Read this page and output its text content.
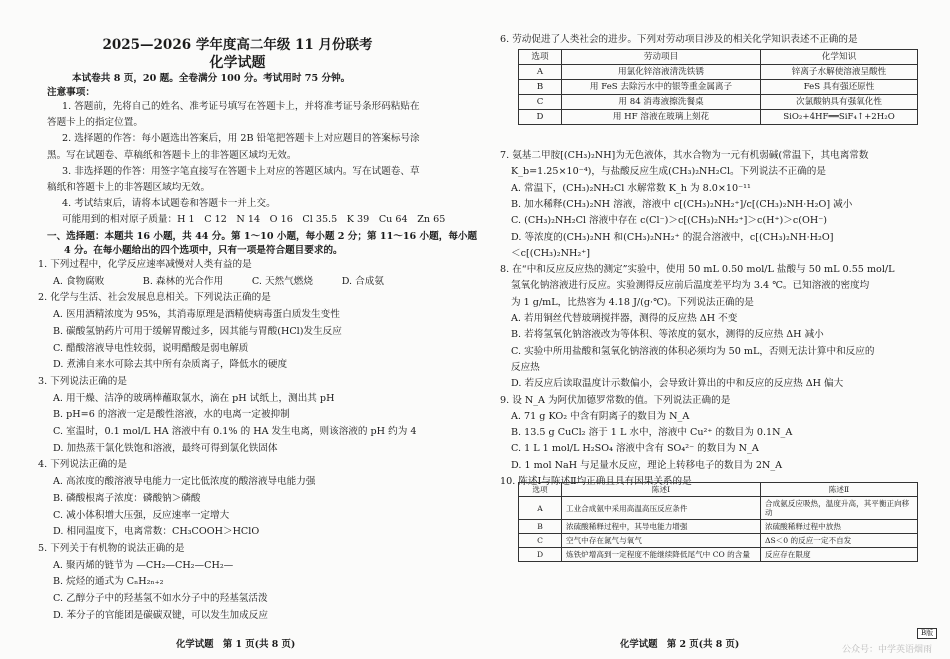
2025—2026 学年度高二年级 11 月份联考
化学试题
本试卷共 8 页，20 题。全卷满分 100 分。考试用时 75 分钟。
注意事项：
1. 答题前，先将自己的姓名、准考证号填写在答题卡上，并将准考证号条形码粘贴在
答题卡上的指定位置。
2. 选择题的作答：每小题选出答案后，用 2B 铅笔把答题卡上对应题目的答案标号涂
黑。写在试题卷、草稿纸和答题卡上的非答题区域均无效。
3. 非选择题的作答：用签字笔直接写在答题卡上对应的答题区域内。写在试题卷、草
稿纸和答题卡上的非答题区域均无效。
4. 考试结束后，请将本试题卷和答题卡一并上交。
可能用到的相对原子质量：H 1　C 12　N 14　O 16　Cl 35.5　K 39　Cu 64　Zn 65
一、选择题：本题共 16 小题，共 44 分。第 1～10 小题，每小题 2 分；第 11～16 小题，每小题
4 分。在每小题给出的四个选项中，只有一项是符合题目要求的。
1. 下列过程中，化学反应速率减慢对人类有益的是
A. 食物腐败　　　　B. 森林的光合作用　　　C. 天然气燃烧　　　D. 合成氨
2. 化学与生活、社会发展息息相关。下列说法正确的是
A. 医用酒精浓度为 95%，其消毒原理是酒精使病毒蛋白质发生变性
B. 碳酸氢钠药片可用于缓解胃酸过多，因其能与胃酸(HCl)发生反应
C. 醋酸溶液导电性较弱，说明醋酸是弱电解质
D. 煮沸自来水可除去其中所有杂质离子，降低水的硬度
3. 下列说法正确的是
A. 用干燥、洁净的玻璃棒蘸取氯水，滴在 pH 试纸上，测出其 pH
B. pH=6 的溶液一定是酸性溶液，水的电离一定被抑制
C. 室温时，0.1 mol/L HA 溶液中有 0.1% 的 HA 发生电离，则该溶液的 pH 约为 4
D. 加热蒸干氯化铁饱和溶液，最终可得到氯化铁固体
4. 下列说法正确的是
A. 高浓度的酸溶液导电能力一定比低浓度的酸溶液导电能力强
B. 磷酸根离子浓度：磷酸钠＞磷酸
C. 减小体积增大压强，反应速率一定增大
D. 相同温度下，电离常数：CH₃COOH＞HClO
5. 下列关于有机物的说法正确的是
A. 聚丙烯的链节为 —CH₂—CH₂—CH₂—
B. 烷烃的通式为 CₙH₂ₙ₊₂
C. 乙醇分子中的羟基氢不如水分子中的羟基氢活泼
D. 苯分子的官能团是碳碳双键，可以发生加成反应
化学试题　第 1 页(共 8 页)
6. 劳动促进了人类社会的进步。下列对劳动项目涉及的相关化学知识表述不正确的是
选项	劳动项目	化学知识
A	用氯化锌溶液清洗铁锈	锌离子水解使溶液呈酸性
B	用 FeS 去除污水中的银等重金属离子	FeS 具有强还原性
C	用 84 消毒液擦洗餐桌	次氯酸钠具有强氧化性
D	用 HF 溶液在玻璃上刻花	SiO₂+4HF══SiF₄↑+2H₂O
7. 氨基二甲胺[(CH₃)₂NH]为无色液体，其水合物为一元有机弱碱(常温下，其电离常数
K_b=1.25×10⁻⁴)，与盐酸反应生成(CH₃)₂NH₂Cl。下列说法不正确的是
A. 常温下，(CH₃)₂NH₂Cl 水解常数 K_h 为 8.0×10⁻¹¹
B. 加水稀释(CH₃)₂NH 溶液，溶液中 c[(CH₃)₂NH₂⁺]/c[(CH₃)₂NH·H₂O] 减小
C. (CH₃)₂NH₂Cl 溶液中存在 c(Cl⁻)＞c[(CH₃)₂NH₂⁺]＞c(H⁺)＞c(OH⁻)
D. 等浓度的(CH₃)₂NH 和(CH₃)₂NH₂⁺ 的混合溶液中，c[(CH₃)₂NH·H₂O]
＜c[(CH₃)₂NH₂⁺]
8. 在“中和反应反应热的测定”实验中，使用 50 mL 0.50 mol/L 盐酸与 50 mL 0.55 mol/L
氢氧化钠溶液进行反应。实验测得反应前后温度差平均为 3.4 ℃。已知溶液的密度均
为 1 g/mL，比热容为 4.18 J/(g·℃)。下列说法正确的是
A. 若用铜丝代替玻璃搅拌器，测得的反应热 ΔH 不变
B. 若将氢氧化钠溶液改为等体积、等浓度的氨水，测得的反应热 ΔH 减小
C. 实验中所用盐酸和氢氧化钠溶液的体积必须均为 50 mL，否则无法计算中和反应的
反应热
D. 若反应后读取温度计示数偏小，会导致计算出的中和反应的反应热 ΔH 偏大
9. 设 N_A 为阿伏加德罗常数的值。下列说法正确的是
A. 71 g KO₂ 中含有阴离子的数目为 N_A
B. 13.5 g CuCl₂ 溶于 1 L 水中，溶液中 Cu²⁺ 的数目为 0.1N_A
C. 1 L 1 mol/L H₂SO₄ 溶液中含有 SO₄²⁻ 的数目为 N_A
D. 1 mol NaH 与足量水反应，理论上转移电子的数目为 2N_A
10. 陈述Ⅰ与陈述Ⅱ均正确且具有因果关系的是
选项	陈述Ⅰ	陈述Ⅱ
A	工业合成氨中采用高温高压反应条件	合成氨反应吸热，温度升高，其平衡正向移动
B	浓硫酸稀释过程中，其导电能力增强	浓硫酸稀释过程中放热
C	空气中存在氮气与氧气	ΔS＜0 的反应一定不自发
D	炼铁炉增高到一定程度不能继续降低尾气中 CO 的含量	反应存在限度
化学试题　第 2 页(共 8 页)
B版
公众号：中学英语烟雨
